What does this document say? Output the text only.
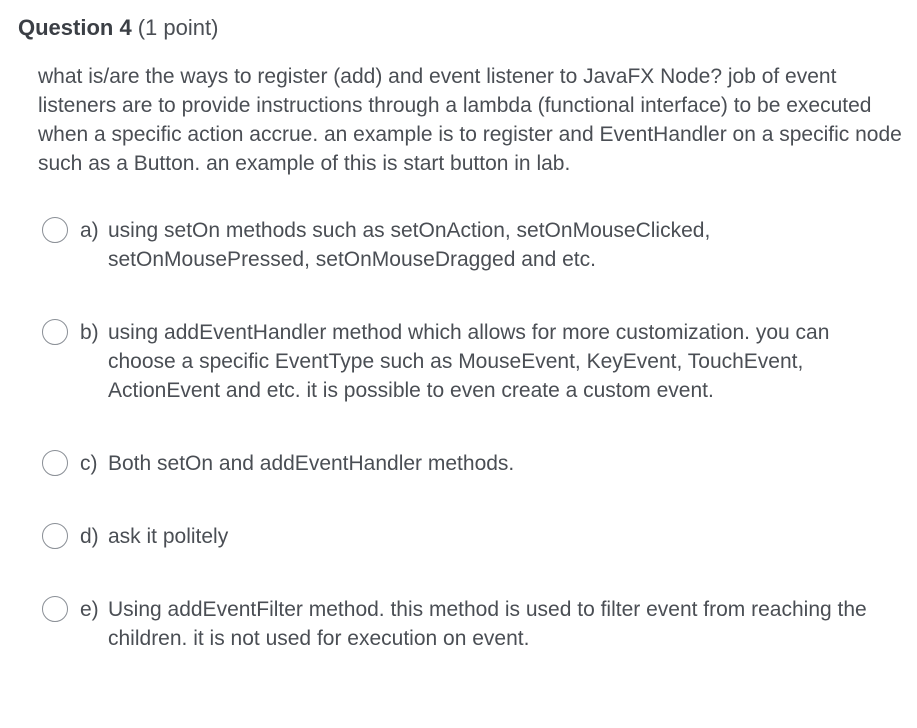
Question 4 (1 point)
what is/are the ways to register (add) and event listener to JavaFX Node? job of event listeners are to provide instructions through a lambda (functional interface) to be executed when a specific action accrue. an example is to register and EventHandler on a specific node such as a Button. an example of this is start button in lab.
a) using setOn methods such as setOnAction, setOnMouseClicked, setOnMousePressed, setOnMouseDragged and etc.
b) using addEventHandler method which allows for more customization. you can choose a specific EventType such as MouseEvent, KeyEvent, TouchEvent, ActionEvent and etc. it is possible to even create a custom event.
c) Both setOn and addEventHandler methods.
d) ask it politely
e) Using addEventFilter method. this method is used to filter event from reaching the children. it is not used for execution on event.
